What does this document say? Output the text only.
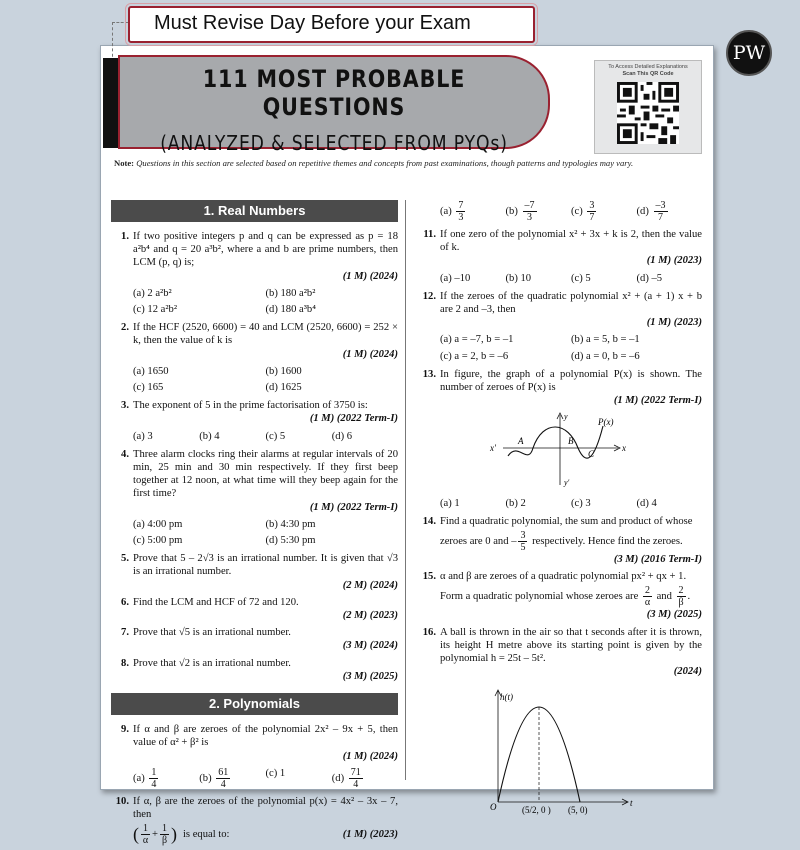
Must Revise Day Before your Exam
111 MOST PROBABLE QUESTIONS
(ANALYZED & SELECTED FROM PYQs)
To Access Detailed Explanations
Scan This QR Code
PW
Note: Questions in this section are selected based on repetitive themes and concepts from past examinations, though patterns and typologies may vary.
1. Real Numbers
1. If two positive integers p and q can be expressed as p = 18 a²b⁴ and q = 20 a³b², where a and b are prime numbers, then LCM (p, q) is;
(1 M) (2024)
(a) 2 a²b²	(b) 180 a²b²
(c) 12 a²b²	(d) 180 a³b⁴
2. If the HCF (2520, 6600) = 40 and LCM (2520, 6600) = 252 × k, then the value of k is
(1 M) (2024)
(a) 1650	(b) 1600
(c) 165	(d) 1625
3. The exponent of 5 in the prime factorisation of 3750 is:
(1 M) (2022 Term-I)
(a) 3	(b) 4	(c) 5	(d) 6
4. Three alarm clocks ring their alarms at regular intervals of 20 min, 25 min and 30 min respectively. If they first beep together at 12 noon, at what time will they beep again for the first time?
(1 M) (2022 Term-I)
(a) 4:00 pm	(b) 4:30 pm
(c) 5:00 pm	(d) 5:30 pm
5. Prove that 5 – 2√3 is an irrational number. It is given that √3 is an irrational number.
(2 M) (2024)
6. Find the LCM and HCF of 72 and 120.
(2 M) (2023)
7. Prove that √5 is an irrational number.
(3 M) (2024)
8. Prove that √2 is an irrational number.
(3 M) (2025)
2. Polynomials
9. If α and β are zeroes of the polynomial 2x² – 9x + 5, then value of α² + β² is
(1 M) (2024)
$(a) \frac{1}{4}$	$(b) \frac{61}{4}$	(c) 1	$(d) \frac{71}{4}$
10. If α, β are the zeroes of the polynomial p(x) = 4x² – 3x – 7, then
( $\frac{1}{\alpha} + \frac{1}{\beta}$ ) is equal to:	(1 M) (2023)
$(a) \frac{7}{3}$	$(b) \frac{-7}{3}$	$(c) \frac{3}{7}$	$(d) \frac{-3}{7}$
11. If one zero of the polynomial x² + 3x + k is 2, then the value of k.
(1 M) (2023)
(a) –10	(b) 10	(c) 5	(d) –5
12. If the zeroes of the quadratic polynomial x² + (a + 1) x + b are 2 and –3, then
(1 M) (2023)
(a) a = –7, b = –1	(b) a = 5, b = –1
(c) a = 2, b = –6	(d) a = 0, b = –6
13. In figure, the graph of a polynomial P(x) is shown. The number of zeroes of P(x) is
(1 M) (2022 Term-I)
y
y′
x
x′
A	B
C
P(x)
(a) 1	(b) 2	(c) 3	(d) 4
14. Find a quadratic polynomial, the sum and product of whose
zeroes are 0 and
– $\frac{3}{5}$
respectively. Hence find the zeroes.
(3 M) (2016 Term-I)
15. α and β are zeroes of a quadratic polynomial px² + qx + 1.
Form a quadratic polynomial whose zeroes are
$\frac{2}{\alpha}$
and
$\frac{2}{\beta}$ .
(3 M) (2025)
16. A ball is thrown in the air so that t seconds after it is thrown, its height H metre above its starting point is given by the polynomial h = 25t – 5t².
(2024)
h(t)
O	t
(5/2, 0 ) (5, 0)
